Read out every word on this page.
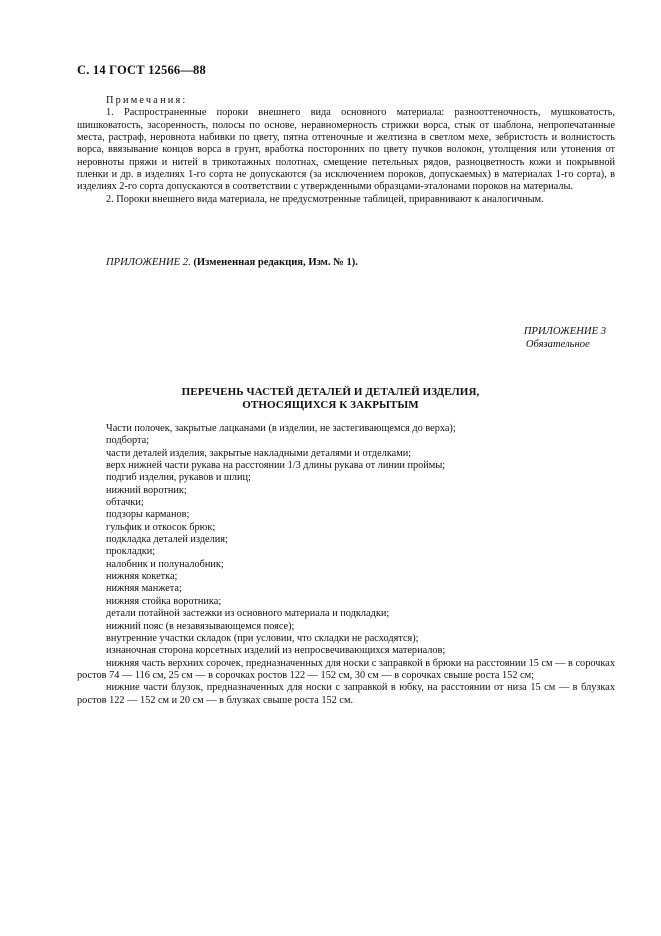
С. 14 ГОСТ 12566—88
Примечания:

1. Распространенные пороки внешнего вида основного материала: разнооттеночность, мушковатость, шишковатость, засоренность, полосы по основе, неравномерность стрижки ворса, стык от шаблона, непропечатанные места, растраф, неровнота набивки по цвету, пятна оттеночные и желтизна в светлом мехе, зебристость и волнистость ворса, ввязывание концов ворса в грунт, вработка посторонних по цвету пучков волокон, утолщения или утонения от неровноты пряжи и нитей в трикотажных полотнах, смещение петельных рядов, разноцветность кожи и покрывной пленки и др. в изделиях 1-го сорта не допускаются (за исключением пороков, допускаемых) в материалах 1-го сорта), в изделиях 2-го сорта допускаются в соответствии с утвержденными образцами-эталонами пороков на материалы.

2. Пороки внешнего вида материала, не предусмотренные таблицей, приравнивают к аналогичным.

ПРИЛОЖЕНИЕ 2. (Измененная редакция, Изм. № 1).
ПРИЛОЖЕНИЕ 3
Обязательное
ПЕРЕЧЕНЬ ЧАСТЕЙ ДЕТАЛЕЙ И ДЕТАЛЕЙ ИЗДЕЛИЯ,
ОТНОСЯЩИХСЯ К ЗАКРЫТЫМ

Части полочек, закрытые лацканами (в изделии, не застегивающемся до верха);

подборта;

части деталей изделия, закрытые накладными деталями и отделками;

верх нижней части рукава на расстоянии 1/3 длины рукава от линии проймы;

подгиб изделия, рукавов и шлиц;

нижний воротник;

обтачки;

подзоры карманов;

гульфик и откосок брюк;

подкладка деталей изделия;

прокладки;

налобник и полуналобник;

нижняя кокетка;

нижняя манжета;

нижняя стойка воротника;

детали потайной застежки из основного материала и подкладки;

нижний пояс (в незавязывающемся поясе);

внутренние участки складок (при условии, что складки не расходятся);

изнаночная сторона корсетных изделий из непросвечивающихся материалов;

нижняя часть верхних сорочек, предназначенных для носки с заправкой в брюки на расстоянии 15 см — в сорочках ростов 74 — 116 см, 25 см — в сорочках ростов 122 — 152 см, 30 см — в сорочках свыше роста 152 см;

нижние части блузок, предназначенных для носки с заправкой в юбку, на расстоянии от низа 15 см — в блузках ростов 122 — 152 см и 20 см — в блузках свыше роста 152 см.
